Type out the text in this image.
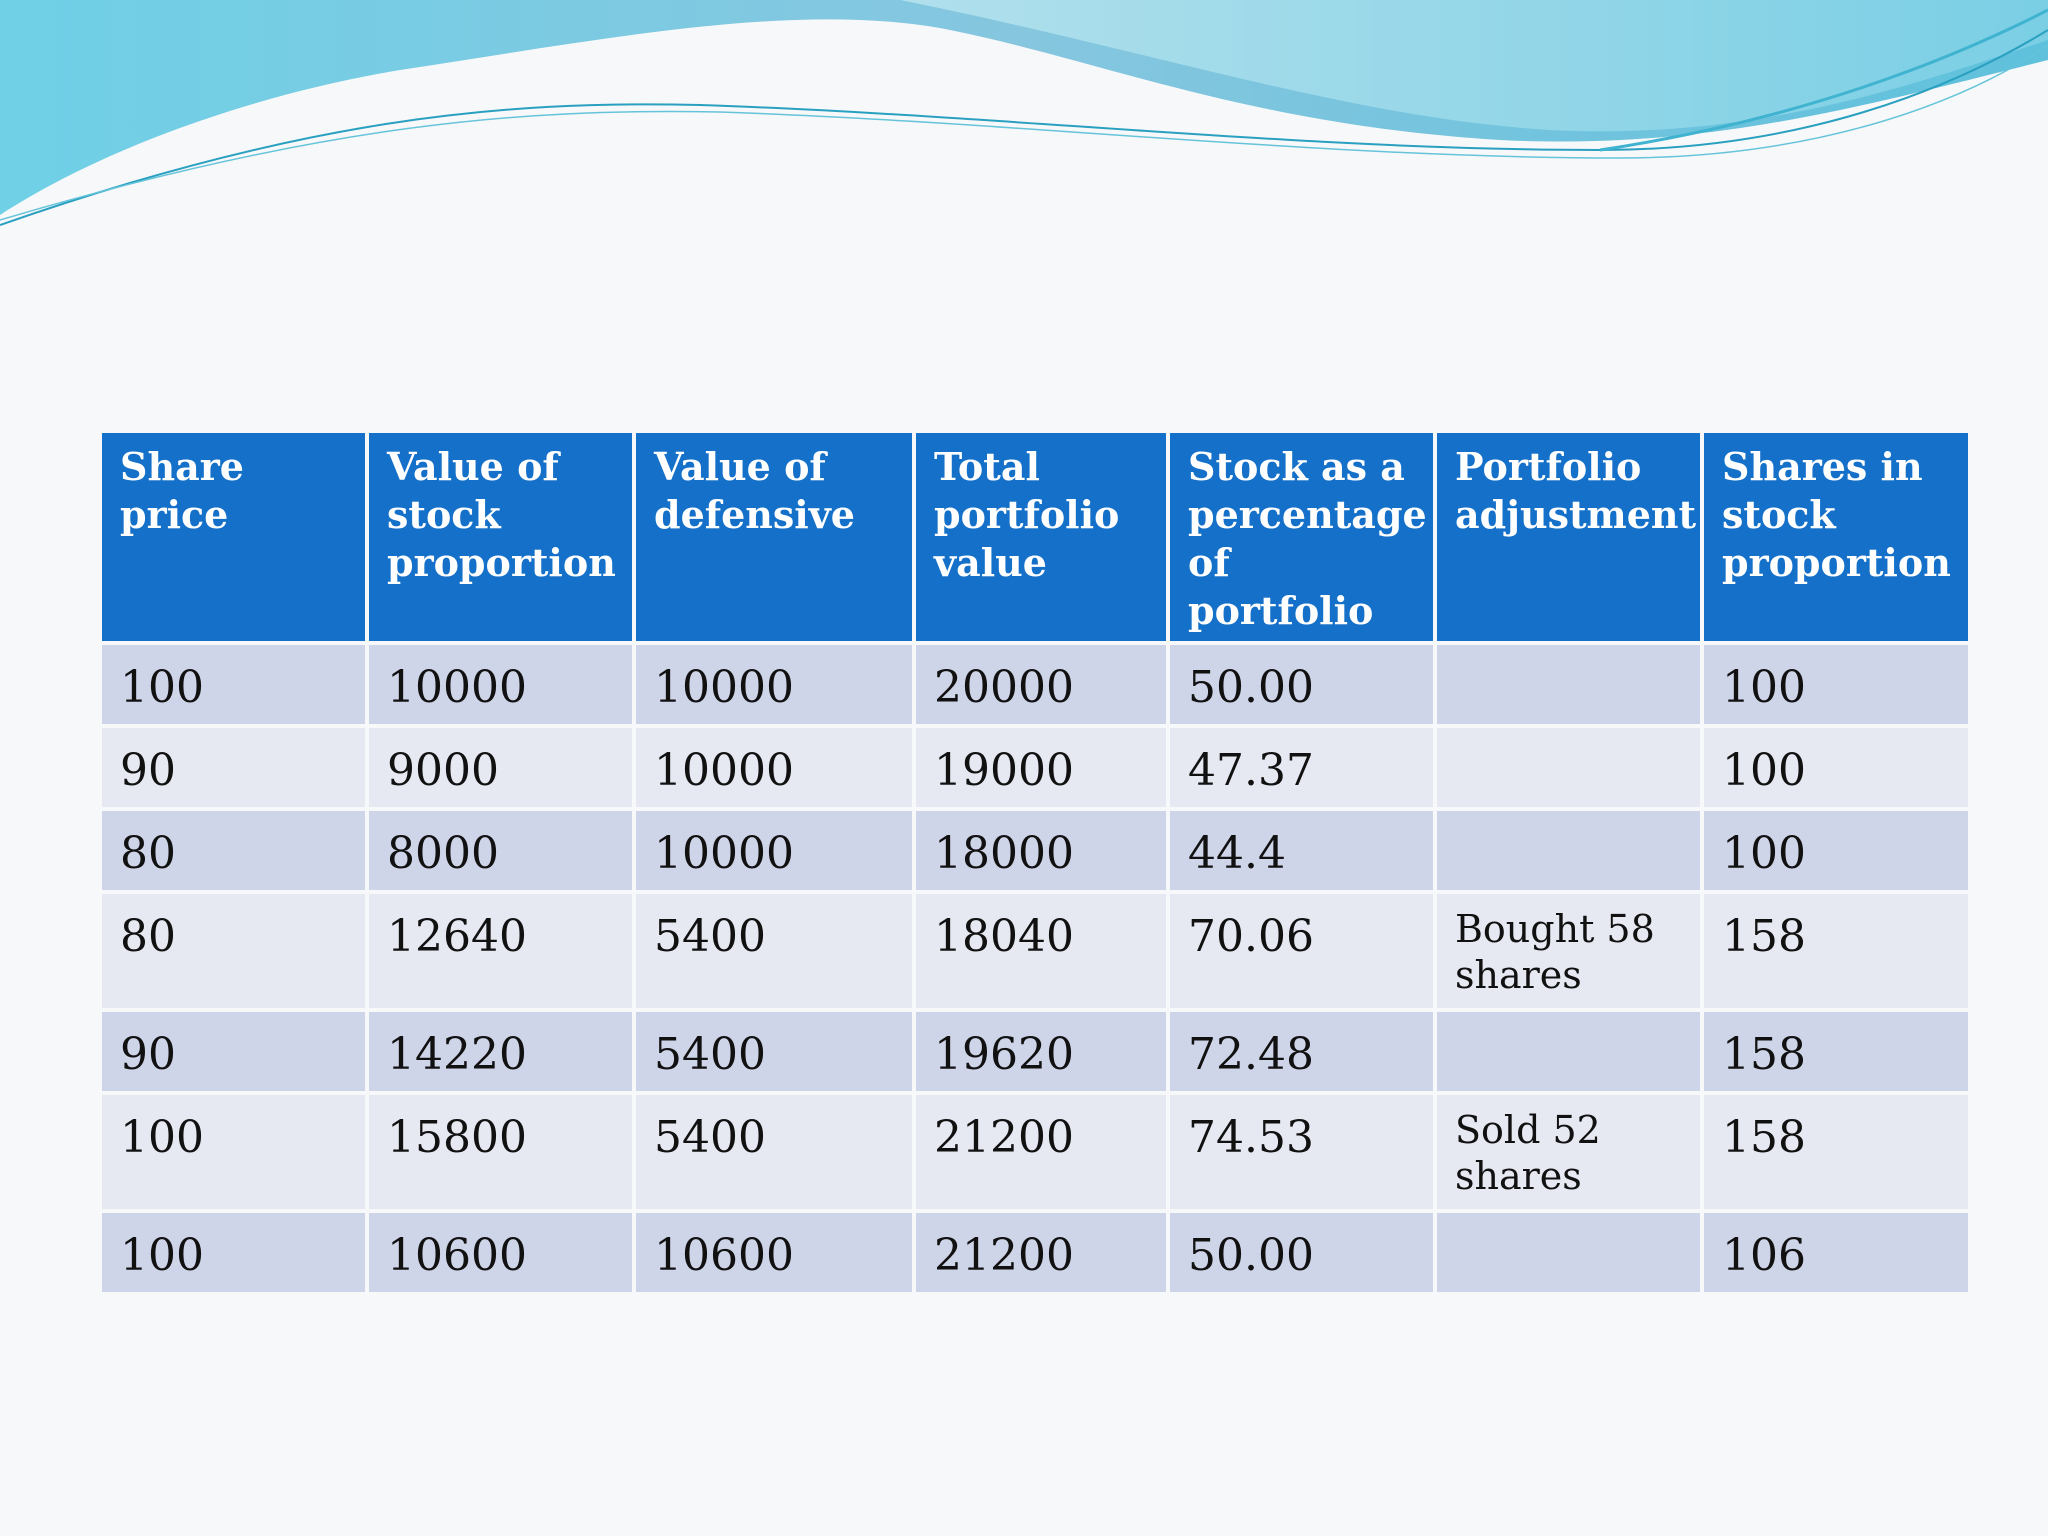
Share price	Value of stock proportion	Value of defensive	Total portfolio value	Stock as a percentage of portfolio	Portfolio adjustment	Shares in stock proportion
100	10000	10000	20000	50.00		100
90	9000	10000	19000	47.37		100
80	8000	10000	18000	44.4		100
80	12640	5400	18040	70.06	Bought 58 shares	158
90	14220	5400	19620	72.48		158
100	15800	5400	21200	74.53	Sold 52 shares	158
100	10600	10600	21200	50.00		106
